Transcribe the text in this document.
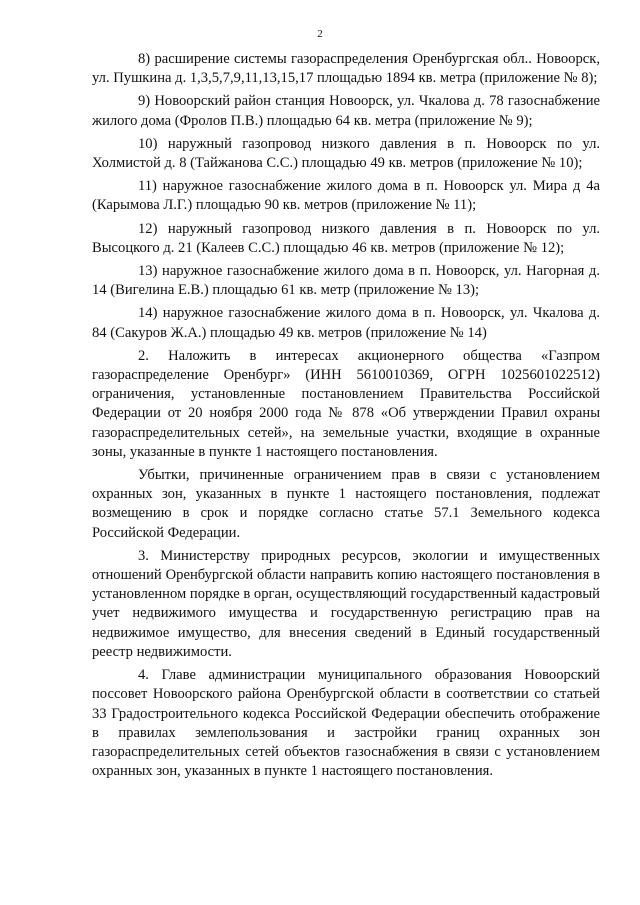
2

8) расширение системы газораспределения Оренбургская обл.. Новоорск, ул. Пушкина д. 1,3,5,7,9,11,13,15,17 площадью 1894 кв. метра (приложение № 8);

9) Новоорский район станция Новоорск, ул. Чкалова д. 78 газоснабжение жилого дома (Фролов П.В.) площадью 64 кв. метра (приложение № 9);

10) наружный газопровод низкого давления в п. Новоорск по ул. Холмистой д. 8 (Тайжанова С.С.) площадью 49 кв. метров (приложение № 10);

11) наружное газоснабжение жилого дома в п. Новоорск ул. Мира д 4а (Карымова Л.Г.) площадью 90 кв. метров (приложение № 11);

12) наружный газопровод низкого давления в п. Новоорск по ул. Высоцкого д. 21 (Калеев С.С.) площадью 46 кв. метров (приложение № 12);

13) наружное газоснабжение жилого дома в п. Новоорск, ул. Нагорная д. 14 (Вигелина Е.В.) площадью 61 кв. метр (приложение № 13);

14) наружное газоснабжение жилого дома в п. Новоорск, ул. Чкалова д. 84 (Сакуров Ж.А.) площадью 49 кв. метров (приложение № 14)

2. Наложить в интересах акционерного общества «Газпром газораспределение Оренбург» (ИНН 5610010369, ОГРН 1025601022512) ограничения, установленные постановлением Правительства Российской Федерации от 20 ноября 2000 года № 878 «Об утверждении Правил охраны газораспределительных сетей», на земельные участки, входящие в охранные зоны, указанные в пункте 1 настоящего постановления.

Убытки, причиненные ограничением прав в связи с установлением охранных зон, указанных в пункте 1 настоящего постановления, подлежат возмещению в срок и порядке согласно статье 57.1 Земельного кодекса Российской Федерации.

3. Министерству природных ресурсов, экологии и имущественных отношений Оренбургской области направить копию настоящего постановления в установленном порядке в орган, осуществляющий государственный кадастровый учет недвижимого имущества и государственную регистрацию прав на недвижимое имущество, для внесения сведений в Единый государственный реестр недвижимости.

4. Главе администрации муниципального образования Новоорский поссовет Новоорского района Оренбургской области в соответствии со статьей 33 Градостроительного кодекса Российской Федерации обеспечить отображение в правилах землепользования и застройки границ охранных зон газораспределительных сетей объектов газоснабжения в связи с установлением охранных зон, указанных в пункте 1 настоящего постановления.
